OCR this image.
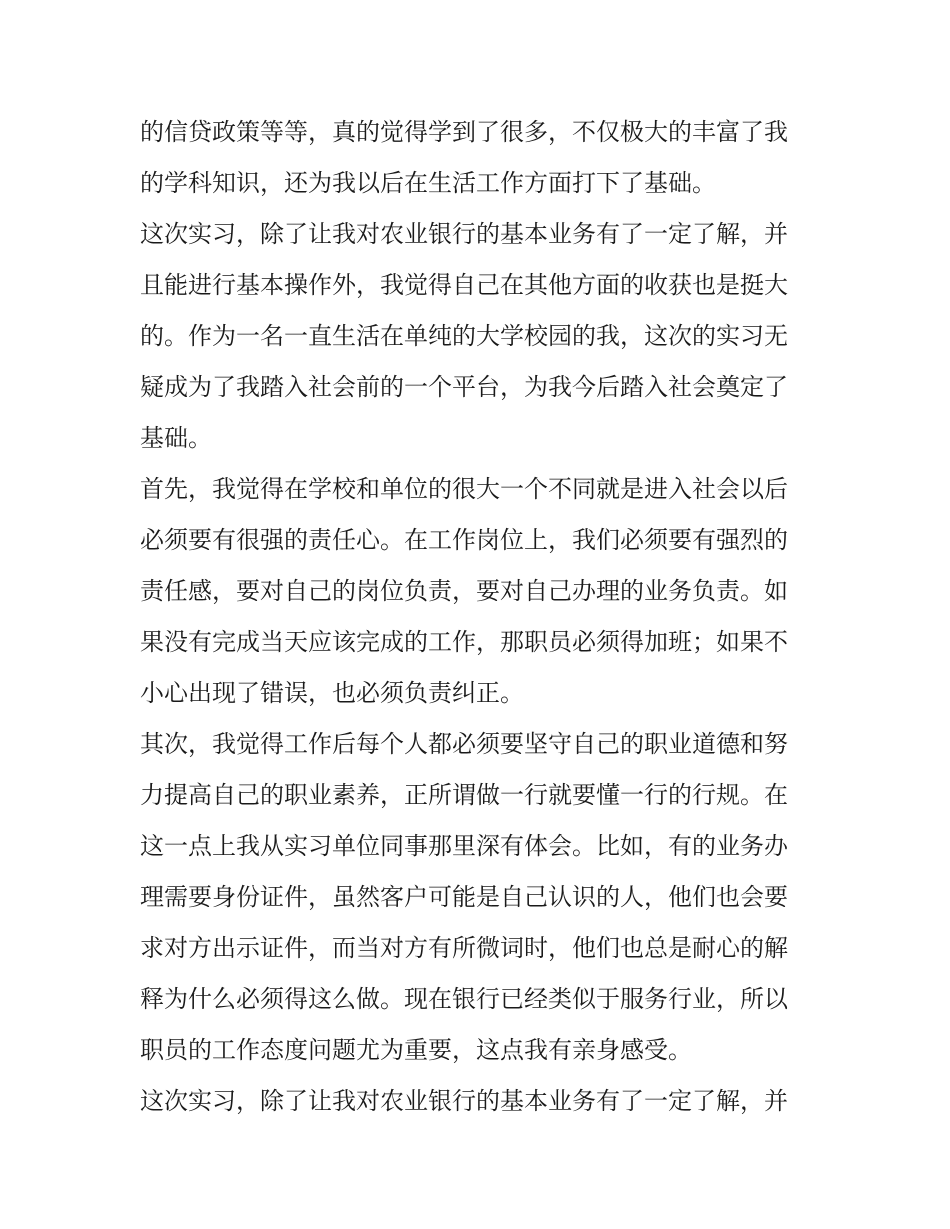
的信贷政策等等，真的觉得学到了很多，不仅极大的丰富了我
的学科知识，还为我以后在生活工作方面打下了基础。
这次实习，除了让我对农业银行的基本业务有了一定了解，并
且能进行基本操作外，我觉得自己在其他方面的收获也是挺大
的。作为一名一直生活在单纯的大学校园的我，这次的实习无
疑成为了我踏入社会前的一个平台，为我今后踏入社会奠定了
基础。
首先，我觉得在学校和单位的很大一个不同就是进入社会以后
必须要有很强的责任心。在工作岗位上，我们必须要有强烈的
责任感，要对自己的岗位负责，要对自己办理的业务负责。如
果没有完成当天应该完成的工作，那职员必须得加班；如果不
小心出现了错误，也必须负责纠正。
其次，我觉得工作后每个人都必须要坚守自己的职业道德和努
力提高自己的职业素养，正所谓做一行就要懂一行的行规。在
这一点上我从实习单位同事那里深有体会。比如，有的业务办
理需要身份证件，虽然客户可能是自己认识的人，他们也会要
求对方出示证件，而当对方有所微词时，他们也总是耐心的解
释为什么必须得这么做。现在银行已经类似于服务行业，所以
职员的工作态度问题尤为重要，这点我有亲身感受。
这次实习，除了让我对农业银行的基本业务有了一定了解，并
